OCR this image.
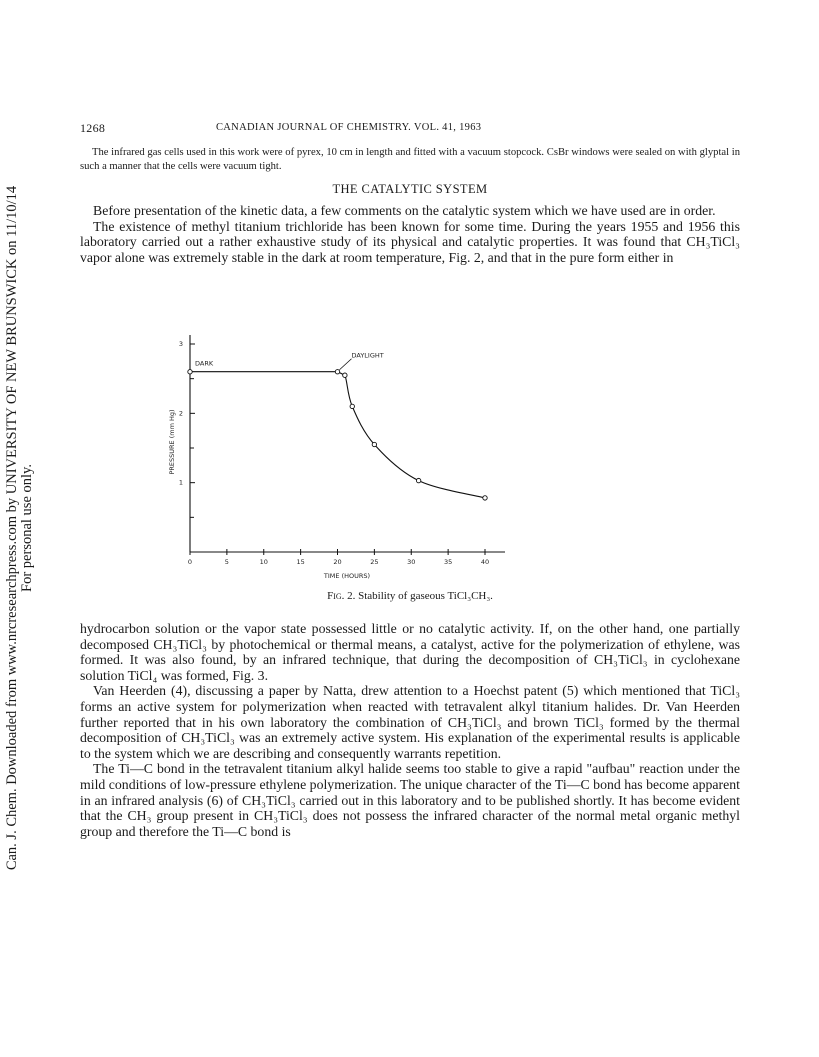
Can. J. Chem. Downloaded from www.nrcresearchpress.com by UNIVERSITY OF NEW BRUNSWICK on 11/10/14 For personal use only.
1268	CANADIAN JOURNAL OF CHEMISTRY. VOL. 41, 1963
The infrared gas cells used in this work were of pyrex, 10 cm in length and fitted with a vacuum stopcock. CsBr windows were sealed on with glyptal in such a manner that the cells were vacuum tight.
THE CATALYTIC SYSTEM

Before presentation of the kinetic data, a few comments on the catalytic system which we have used are in order.

The existence of methyl titanium trichloride has been known for some time. During the years 1955 and 1956 this laboratory carried out a rather exhaustive study of its physical and catalytic properties. It was found that CH₃TiCl₃ vapor alone was extremely stable in the dark at room temperature, Fig. 2, and that in the pure form either in

0	5	10	15	20	25	30	35	40
1
2
3
DARK
DAYLIGHT
PRESSURE (mm Hg)
TIME (HOURS)
Fig. 2. Stability of gaseous TiCl₃CH₃.

hydrocarbon solution or the vapor state possessed little or no catalytic activity. If, on the other hand, one partially decomposed CH₃TiCl₃ by photochemical or thermal means, a catalyst, active for the polymerization of ethylene, was formed. It was also found, by an infrared technique, that during the decomposition of CH₃TiCl₃ in cyclohexane solution TiCl₄ was formed, Fig. 3.

Van Heerden (4), discussing a paper by Natta, drew attention to a Hoechst patent (5) which mentioned that TiCl₃ forms an active system for polymerization when reacted with tetravalent alkyl titanium halides. Dr. Van Heerden further reported that in his own laboratory the combination of CH₃TiCl₃ and brown TiCl₃ formed by the thermal decomposition of CH₃TiCl₃ was an extremely active system. His explanation of the experimental results is applicable to the system which we are describing and consequently warrants repetition.

The Ti—C bond in the tetravalent titanium alkyl halide seems too stable to give a rapid "aufbau" reaction under the mild conditions of low-pressure ethylene polymerization. The unique character of the Ti—C bond has become apparent in an infrared analysis (6) of CH₃TiCl₃ carried out in this laboratory and to be published shortly. It has become evident that the CH₃ group present in CH₃TiCl₃ does not possess the infrared character of the normal metal organic methyl group and therefore the Ti—C bond is
